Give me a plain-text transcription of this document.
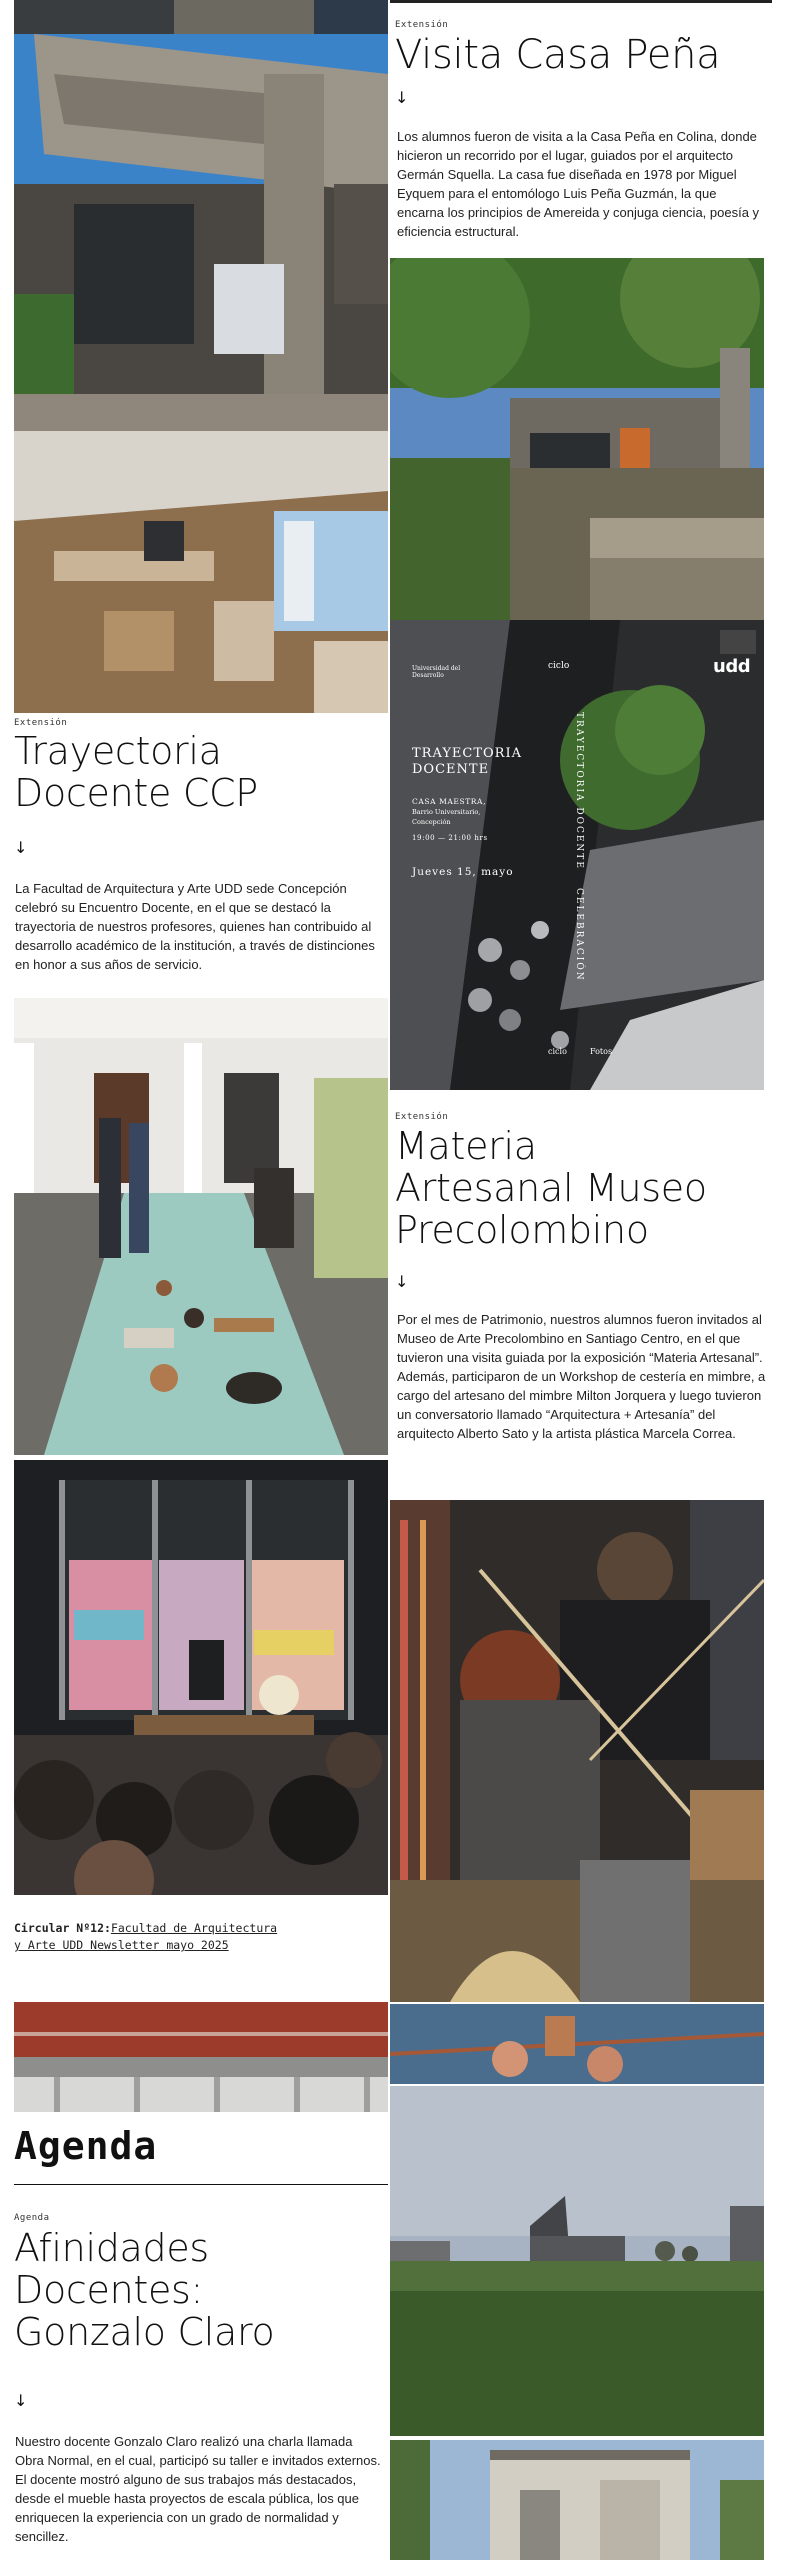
Extensión
Visita Casa Peña
↓
Los alumnos fueron de visita a la Casa Peña en Colina, donde hicieron un recorrido por el lugar, guiados por el arquitecto Germán Squella. La casa fue diseñada en 1978 por Miguel Eyquem para el entomólogo Luis Peña Guzmán, la que encarna los principios de Amereida y conjuga ciencia, poesía y eficiencia estructural.
Universidad del Desarrollo
ciclo	udd
TRAYECTORIA
DOCENTE
CASA MAESTRA,
Barrio Universitario,
Concepción
19:00 — 21:00 hrs
Jueves 15, mayo
TRAYECTORIA DOCENTE
CELEBRACIÓN
ciclo	Fotos
Extensión
Trayectoria
Docente CCP
↓
La Facultad de Arquitectura y Arte UDD sede Concepción celebró su Encuentro Docente, en el que se destacó la trayectoria de nuestros profesores, quienes han contribuido al desarrollo académico de la institución, a través de distinciones en honor a sus años de servicio.
Extensión
Materia
Artesanal Museo
Precolombino
↓
Por el mes de Patrimonio, nuestros alumnos fueron invitados al Museo de Arte Precolombino en Santiago Centro, en el que tuvieron una visita guiada por la exposición “Materia Artesanal”. Además, participaron de un Workshop de cestería en mimbre, a cargo del artesano del mimbre Milton Jorquera y luego tuvieron un conversatorio llamado “Arquitectura + Artesanía” del arquitecto Alberto Sato y la artista plástica Marcela Correa.
Circular Nº12:Facultad de Arquitectura
y Arte UDD Newsletter mayo 2025
Agenda
Agenda
Afinidades
Docentes:
Gonzalo Claro
↓
Nuestro docente Gonzalo Claro realizó una charla llamada Obra Normal, en el cual, participó su taller e invitados externos. El docente mostró alguno de sus trabajos más destacados, desde el mueble hasta proyectos de escala pública, los que enriquecen la experiencia con un grado de normalidad y sencillez.
